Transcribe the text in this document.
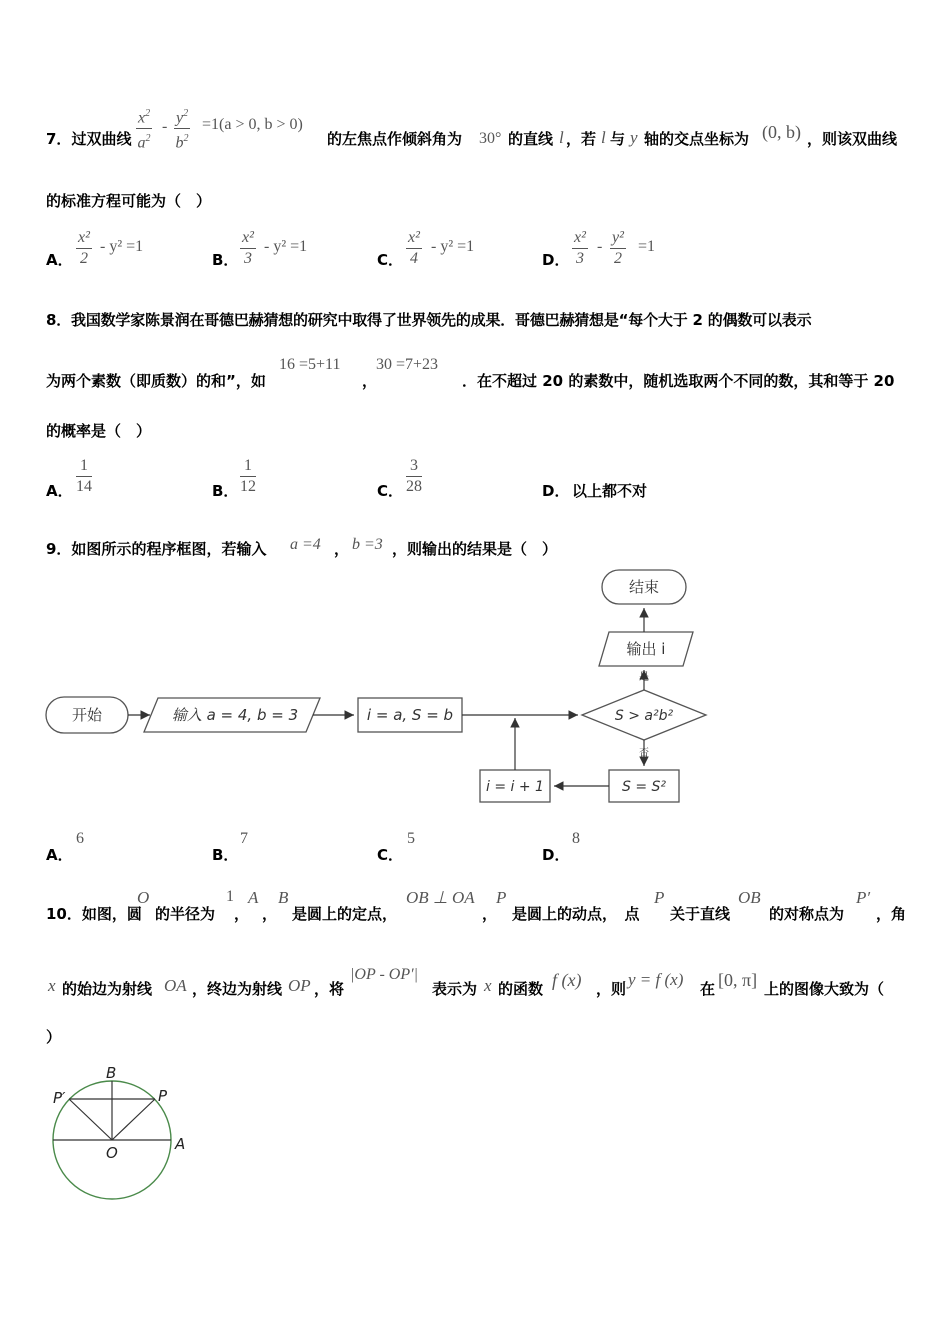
7．过双曲线 $\frac{x^2}{a^2} - \frac{y^2}{b^2} =1(a > 0$, b > 0)
的左焦点作倾斜角为 30° 的直线 l ，若 l 与 y 轴的交点坐标为 (0, b) ，则该双曲线
的标准方程可能为（　）
A． $\frac{\text{x²}}{2} - y^2 =1$
B． $\frac{\text{x²}}{3} - y^2 =1$
C． $\frac{\text{x²}}{4} - y^2 =1$
D． $\frac{\text{x²}}{3} - \frac{\text{y²}}{2} =1$
8．我国数学家陈景润在哥德巴赫猜想的研究中取得了世界领先的成果．哥德巴赫猜想是“每个大于 2 的偶数可以表示
为两个素数（即质数）的和”，如
16 =5+11
，
30 =7+23
．在不超过 20 的素数中，随机选取两个不同的数，其和等于 20
的概率是（　）
A． $\frac{1}{14}$	B． $\frac{1}{12}$	C． $\frac{3}{28}$	D． 以上都不对
9．如图所示的程序框图，若输入 a =4 ， b =3 ，则输出的结果是（　）
开始	输入 a = 4, b = 3	i = a, S = b	S > a²b²
输出 i
结束
S = S²
i = i + 1
是
否
A．
6
B．
7
C．
5
D．
8
10．如图，圆
O
的半径为
1
，
A
，
B
是圆上的定点，
OB ⊥ OA
，
P
是圆上的动点，　点
P
关于直线
OB
的对称点为
P′
，角
x 的始边为射线 OA ，终边为射线 OP ，将
|OP - OP′|
表示为 x 的函数 f (x) ，则 y = f (x) 在 [0, π] 上的图像大致为（
）
B
P′	P
O	A
